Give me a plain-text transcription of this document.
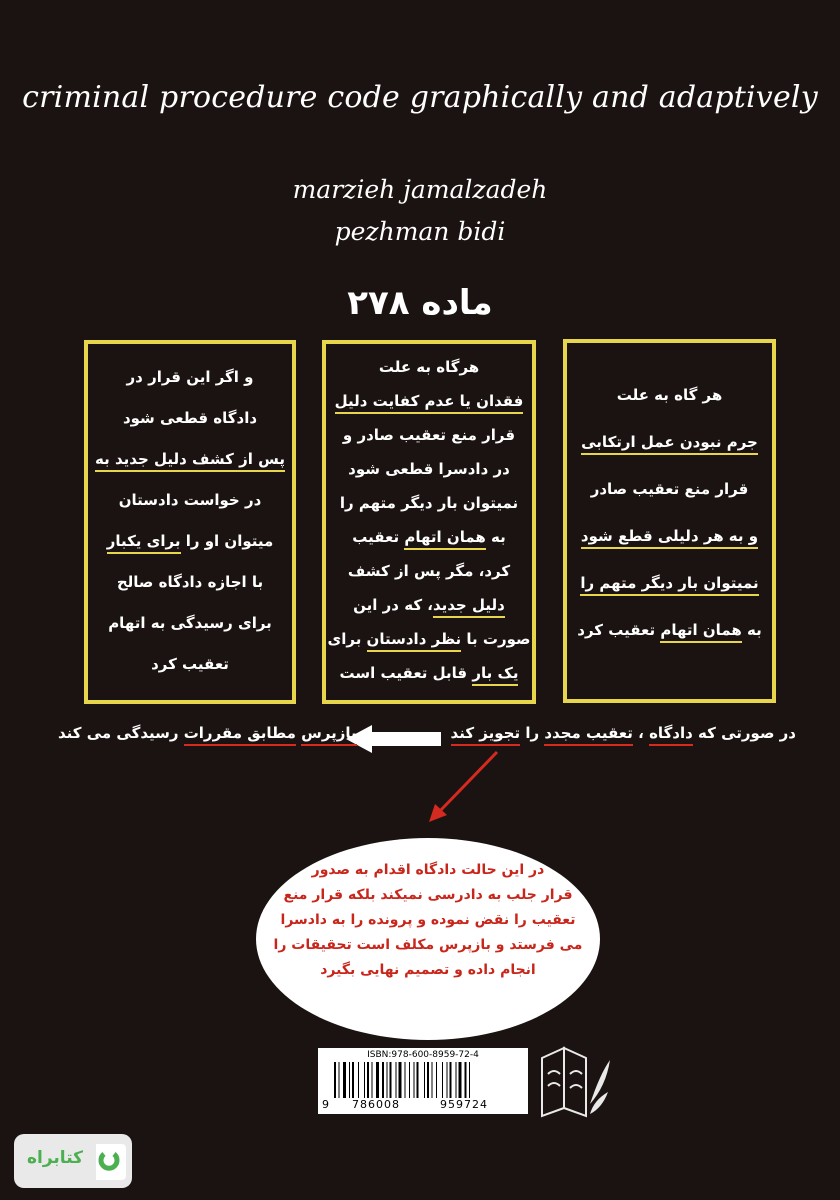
criminal procedure code graphically and adaptively
marzieh jamalzadeh
pezhman bidi
ماده ۲۷۸
هر گاه به علت
جرم نبودن عمل ارتکابی
قرار منع تعقیب صادر
و به هر دلیلی قطع شود
نمیتوان بار دیگر متهم را
به همان اتهام تعقیب کرد
هرگاه به علت
فقدان یا عدم کفایت دلیل
قرار منع تعقیب صادر و
در دادسرا قطعی شود
نمیتوان بار دیگر متهم را
به همان اتهام تعقیب
کرد، مگر پس از کشف
دلیل جدید، که در این
صورت با نظر دادستان برای
یک بار قابل تعقیب است
و اگر این قرار در
دادگاه قطعی شود
پس از کشف دلیل جدید به
در خواست دادستان
میتوان او را برای یکبار
با اجازه دادگاه صالح
برای رسیدگی به اتهام
تعقیب کرد
در صورتی که دادگاه ، تعقیب مجدد را تجویز کند
بازپرس مطابق مقررات رسیدگی می کند
در این حالت دادگاه اقدام به صدور
قرار جلب به دادرسی نمیکند بلکه قرار منع
تعقیب را نقض نموده و پرونده را به دادسرا
می فرستد و بازپرس مکلف است تحقیقات را
انجام داده و تصمیم نهایی بگیرد
ISBN:978-600-8959-72-4
9 786008	959724
کتابراه
